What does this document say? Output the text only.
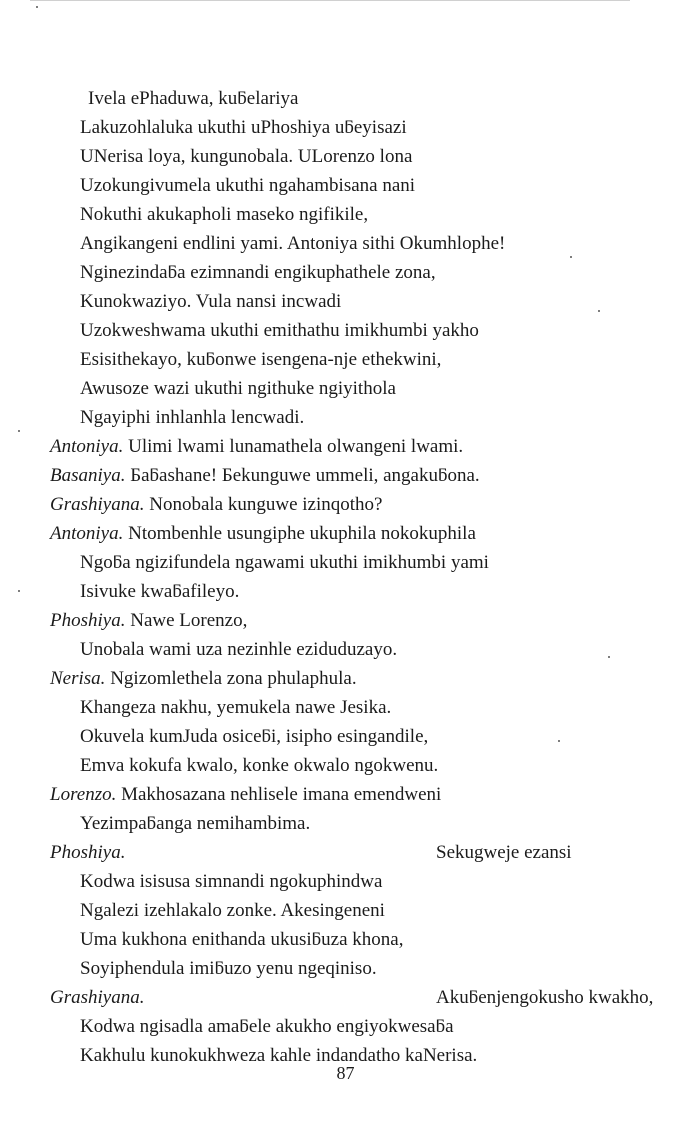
Ivela ePhaduwa, kuƃelariya
Lakuzohlaluka ukuthi uPhoshiya uƃeyisazi
UNerisa loya, kungunobala. ULorenzo lona
Uzokungivumela ukuthi ngahambisana nani
Nokuthi akukapholi maseko ngifikile,
Angikangeni endlini yami. Antoniya sithi Okumhlophe!
Nginezindaƃa ezimnandi engikuphathele zona,
Kunokwaziyo. Vula nansi incwadi
Uzokweshwama ukuthi emithathu imikhumbi yakho
Esisithekayo, kuƃonwe isengena-nje ethekwini,
Awusoze wazi ukuthi ngithuke ngiyithola
Ngayiphi inhlanhla lencwadi.
Antoniya. Ulimi lwami lunamathela olwangeni lwami.
Basaniya. Ƃaƃashane! Ƃekunguwe ummeli, angakuƃona.
Grashiyana. Nonobala kunguwe izinqotho?
Antoniya. Ntombenhle usungiphe ukuphila nokokuphila
Ngoƃa ngizifundela ngawami ukuthi imikhumbi yami
Isivuke kwaƃafileyo.
Phoshiya. Nawe Lorenzo,
Unobala wami uza nezinhle eziduduzayo.
Nerisa. Ngizomlethela zona phulaphula.
Khangeza nakhu, yemukela nawe Jesika.
Okuvela kumJuda osiceƃi, isipho esingandile,
Emva kokufa kwalo, konke okwalo ngokwenu.
Lorenzo. Makhosazana nehlisele imana emendweni
Yezimpaƃanga nemihambima.
Phoshiya.	Sekugweje ezansi
Kodwa isisusa simnandi ngokuphindwa
Ngalezi izehlakalo zonke. Akesingeneni
Uma kukhona enithanda ukusiƃuza khona,
Soyiphendula imiƃuzo yenu ngeqiniso.
Grashiyana.	Akuƃenjengokusho kwakho,
Kodwa ngisadla amaƃele akukho engiyokwesaƃa
Kakhulu kunokukhweza kahle indandatho kaNerisa.
87
